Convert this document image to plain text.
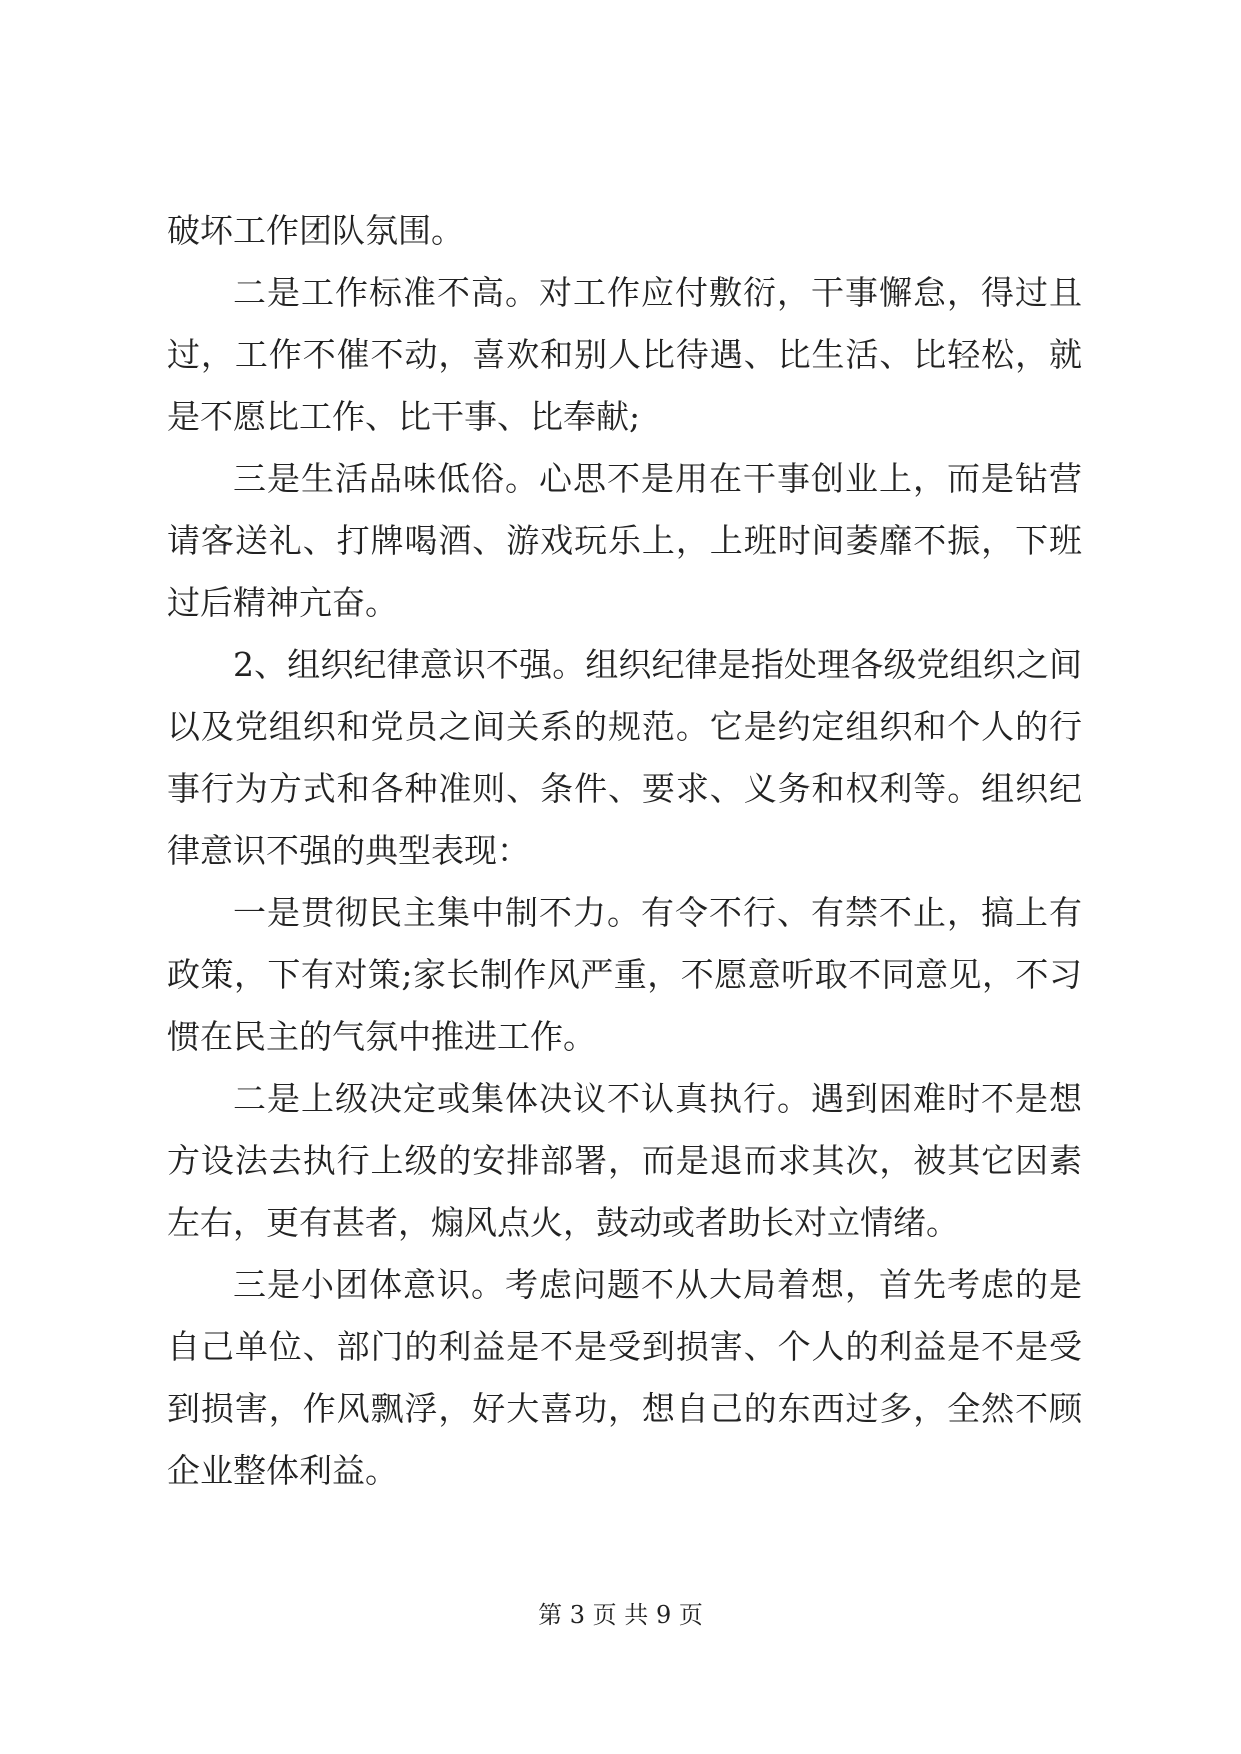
破坏工作团队氛围。

二是工作标准不高。对工作应付敷衍，干事懈怠，得过且过，工作不催不动，喜欢和别人比待遇、比生活、比轻松，就是不愿比工作、比干事、比奉献;

三是生活品味低俗。心思不是用在干事创业上，而是钻营请客送礼、打牌喝酒、游戏玩乐上，上班时间萎靡不振，下班过后精神亢奋。

2、组织纪律意识不强。组织纪律是指处理各级党组织之间以及党组织和党员之间关系的规范。它是约定组织和个人的行事行为方式和各种准则、条件、要求、义务和权利等。组织纪律意识不强的典型表现：

一是贯彻民主集中制不力。有令不行、有禁不止，搞上有政策，下有对策;家长制作风严重，不愿意听取不同意见，不习惯在民主的气氛中推进工作。

二是上级决定或集体决议不认真执行。遇到困难时不是想方设法去执行上级的安排部署，而是退而求其次，被其它因素左右，更有甚者，煽风点火，鼓动或者助长对立情绪。

三是小团体意识。考虑问题不从大局着想，首先考虑的是自己单位、部门的利益是不是受到损害、个人的利益是不是受到损害，作风飘浮，好大喜功，想自己的东西过多，全然不顾企业整体利益。

第 3 页 共 9 页
